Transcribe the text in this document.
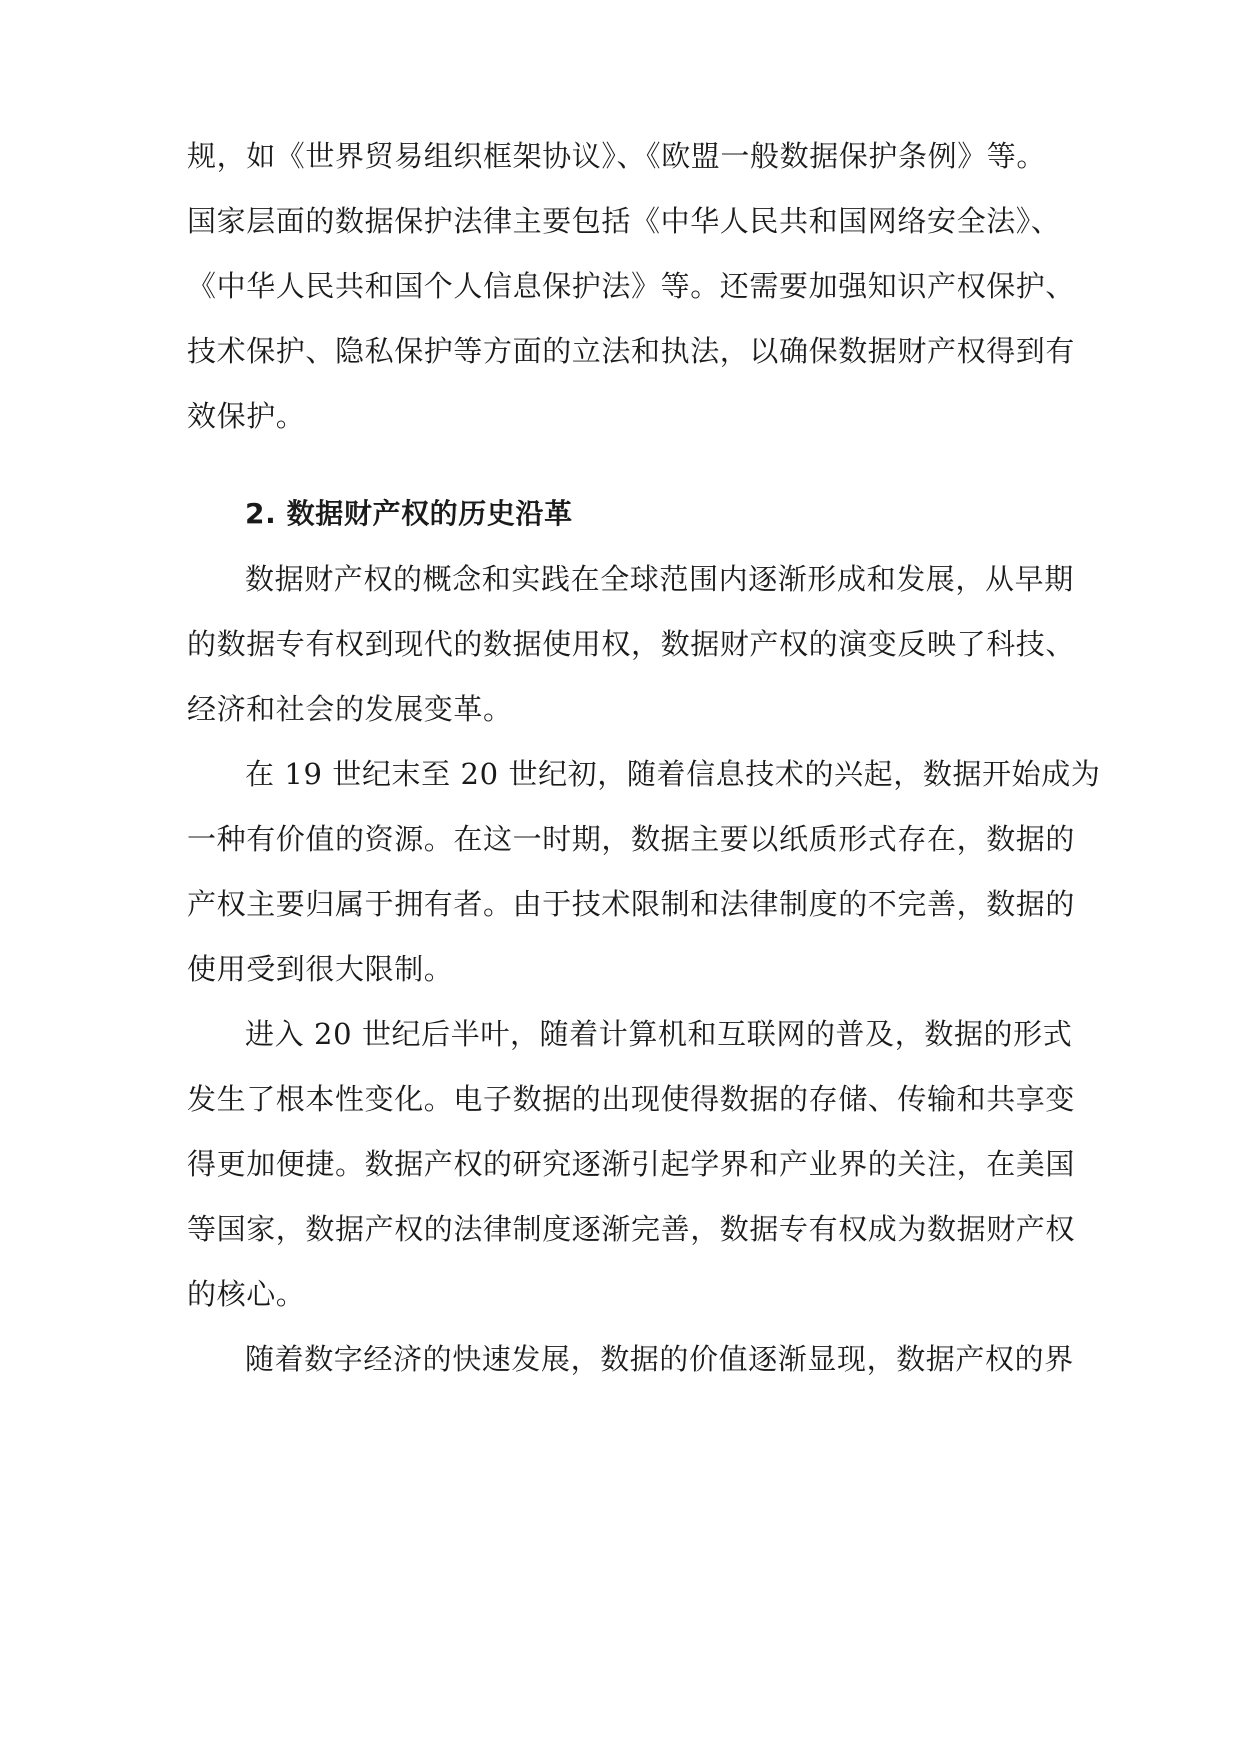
规，如《世界贸易组织框架协议》、《欧盟一般数据保护条例》等。
国家层面的数据保护法律主要包括《中华人民共和国网络安全法》、
《中华人民共和国个人信息保护法》等。还需要加强知识产权保护、
技术保护、隐私保护等方面的立法和执法，以确保数据财产权得到有
效保护。
2. 数据财产权的历史沿革
数据财产权的概念和实践在全球范围内逐渐形成和发展，从早期
的数据专有权到现代的数据使用权，数据财产权的演变反映了科技、
经济和社会的发展变革。
在 19 世纪末至 20 世纪初，随着信息技术的兴起，数据开始成为
一种有价值的资源。在这一时期，数据主要以纸质形式存在，数据的
产权主要归属于拥有者。由于技术限制和法律制度的不完善，数据的
使用受到很大限制。
进入 20 世纪后半叶，随着计算机和互联网的普及，数据的形式
发生了根本性变化。电子数据的出现使得数据的存储、传输和共享变
得更加便捷。数据产权的研究逐渐引起学界和产业界的关注，在美国
等国家，数据产权的法律制度逐渐完善，数据专有权成为数据财产权
的核心。
随着数字经济的快速发展，数据的价值逐渐显现，数据产权的界
